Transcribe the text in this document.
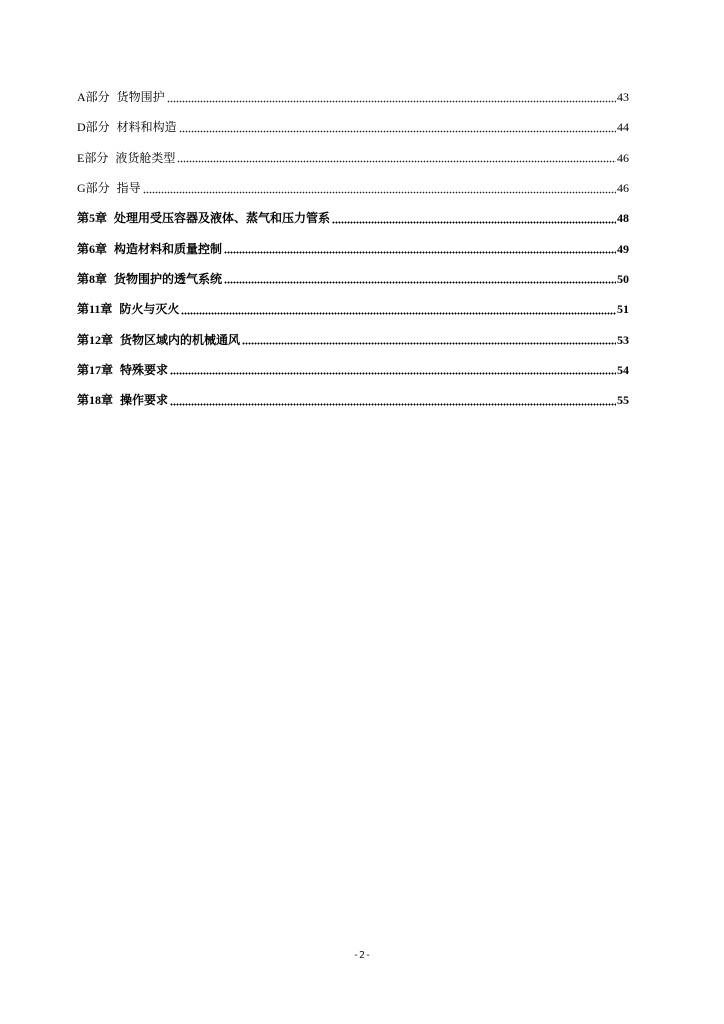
A部分 货物围护	43
D部分 材料和构造	44
E部分 液货舱类型	46
G部分 指导	46
第5章 处理用受压容器及液体、蒸气和压力管系	48
第6章 构造材料和质量控制	49
第8章 货物围护的透气系统	50
第11章 防火与灭火	51
第12章 货物区域内的机械通风	53
第17章 特殊要求	54
第18章 操作要求	55
-2-
